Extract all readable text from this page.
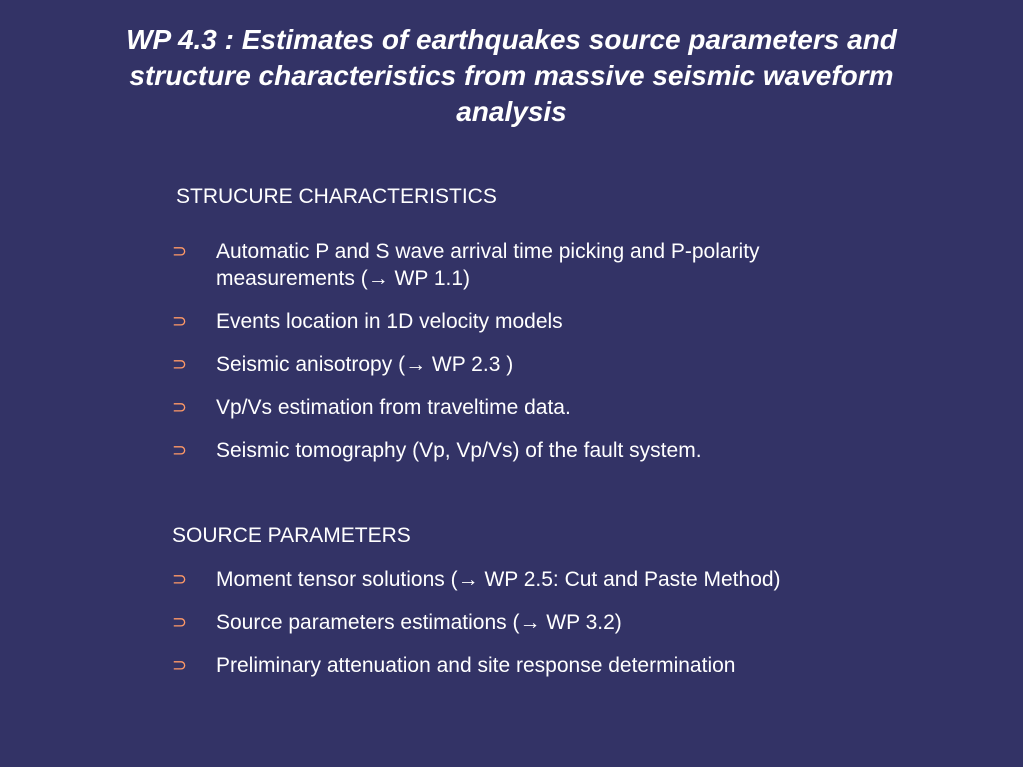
WP 4.3 : Estimates of earthquakes source parameters and
structure characteristics from massive seismic waveform
analysis
STRUCURE CHARACTERISTICS
⊃ Automatic P and S wave arrival time picking and P-polarity measurements (→ WP 1.1)
⊃ Events location in 1D velocity models
⊃ Seismic anisotropy (→ WP 2.3 )
⊃ Vp/Vs estimation from traveltime data.
⊃ Seismic tomography (Vp, Vp/Vs) of the fault system.
SOURCE PARAMETERS
⊃ Moment tensor solutions (→ WP 2.5: Cut and Paste Method)
⊃ Source parameters estimations (→ WP 3.2)
⊃ Preliminary attenuation and site response determination
